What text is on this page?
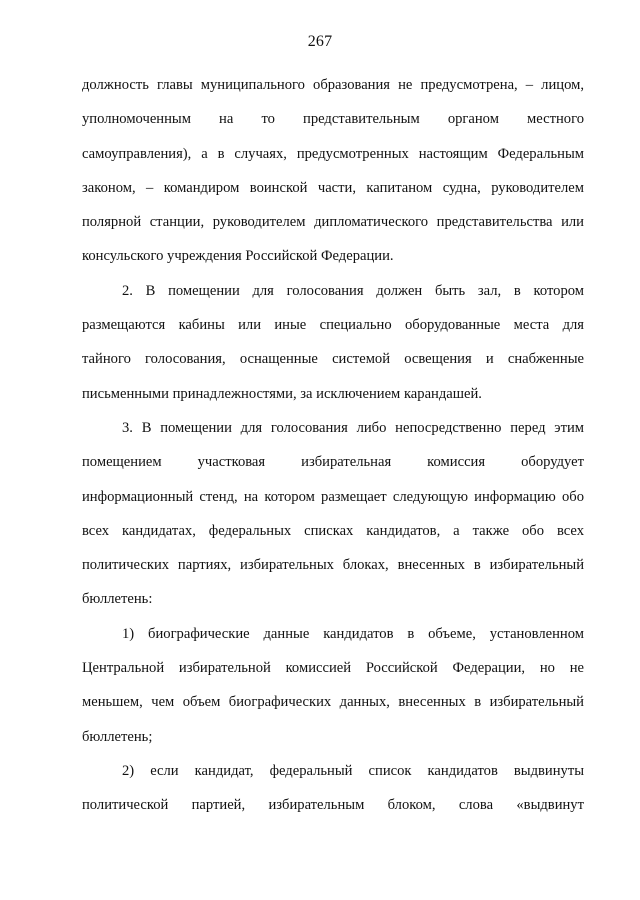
267

должность главы муниципального образования не предусмотрена, – лицом,
уполномоченным на то представительным органом местного
самоуправления), а в случаях, предусмотренных настоящим Федеральным
законом, – командиром воинской части, капитаном судна, руководителем
полярной станции, руководителем дипломатического представительства или
консульского учреждения Российской Федерации.

2. В помещении для голосования должен быть зал, в котором
размещаются кабины или иные специально оборудованные места для
тайного голосования, оснащенные системой освещения и снабженные
письменными принадлежностями, за исключением карандашей.

3. В помещении для голосования либо непосредственно перед этим
помещением участковая избирательная комиссия оборудует
информационный стенд, на котором размещает следующую информацию обо
всех кандидатах, федеральных списках кандидатов, а также обо всех
политических партиях, избирательных блоках, внесенных в избирательный
бюллетень:

1) биографические данные кандидатов в объеме, установленном
Центральной избирательной комиссией Российской Федерации, но не
меньшем, чем объем биографических данных, внесенных в избирательный
бюллетень;

2) если кандидат, федеральный список кандидатов выдвинуты
политической партией, избирательным блоком, слова «выдвинут
